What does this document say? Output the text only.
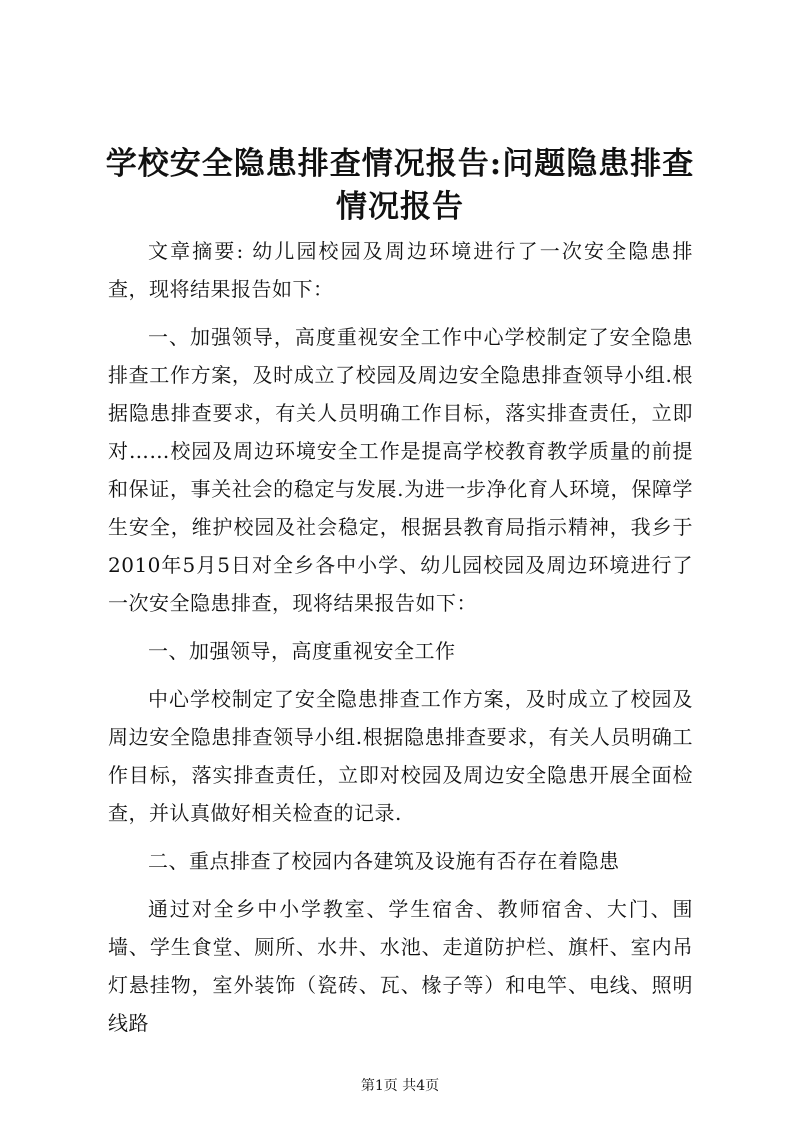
学校安全隐患排查情况报告:问题隐患排查情况报告

文章摘要: 幼儿园校园及周边环境进行了一次安全隐患排查，现将结果报告如下：

一、加强领导，高度重视安全工作中心学校制定了安全隐患排查工作方案，及时成立了校园及周边安全隐患排查领导小组.根据隐患排查要求，有关人员明确工作目标，落实排查责任，立即对……校园及周边环境安全工作是提高学校教育教学质量的前提和保证，事关社会的稳定与发展.为进一步净化育人环境，保障学生安全，维护校园及社会稳定，根据县教育局指示精神，我乡于2010年5月5日对全乡各中小学、幼儿园校园及周边环境进行了一次安全隐患排查，现将结果报告如下：

一、加强领导，高度重视安全工作

中心学校制定了安全隐患排查工作方案，及时成立了校园及周边安全隐患排查领导小组.根据隐患排查要求，有关人员明确工作目标，落实排查责任，立即对校园及周边安全隐患开展全面检查，并认真做好相关检查的记录.

二、重点排查了校园内各建筑及设施有否存在着隐患

通过对全乡中小学教室、学生宿舍、教师宿舍、大门、围墙、学生食堂、厕所、水井、水池、走道防护栏、旗杆、室内吊灯悬挂物，室外装饰（瓷砖、瓦、椽子等）和电竿、电线、照明线路

第1页 共4页
